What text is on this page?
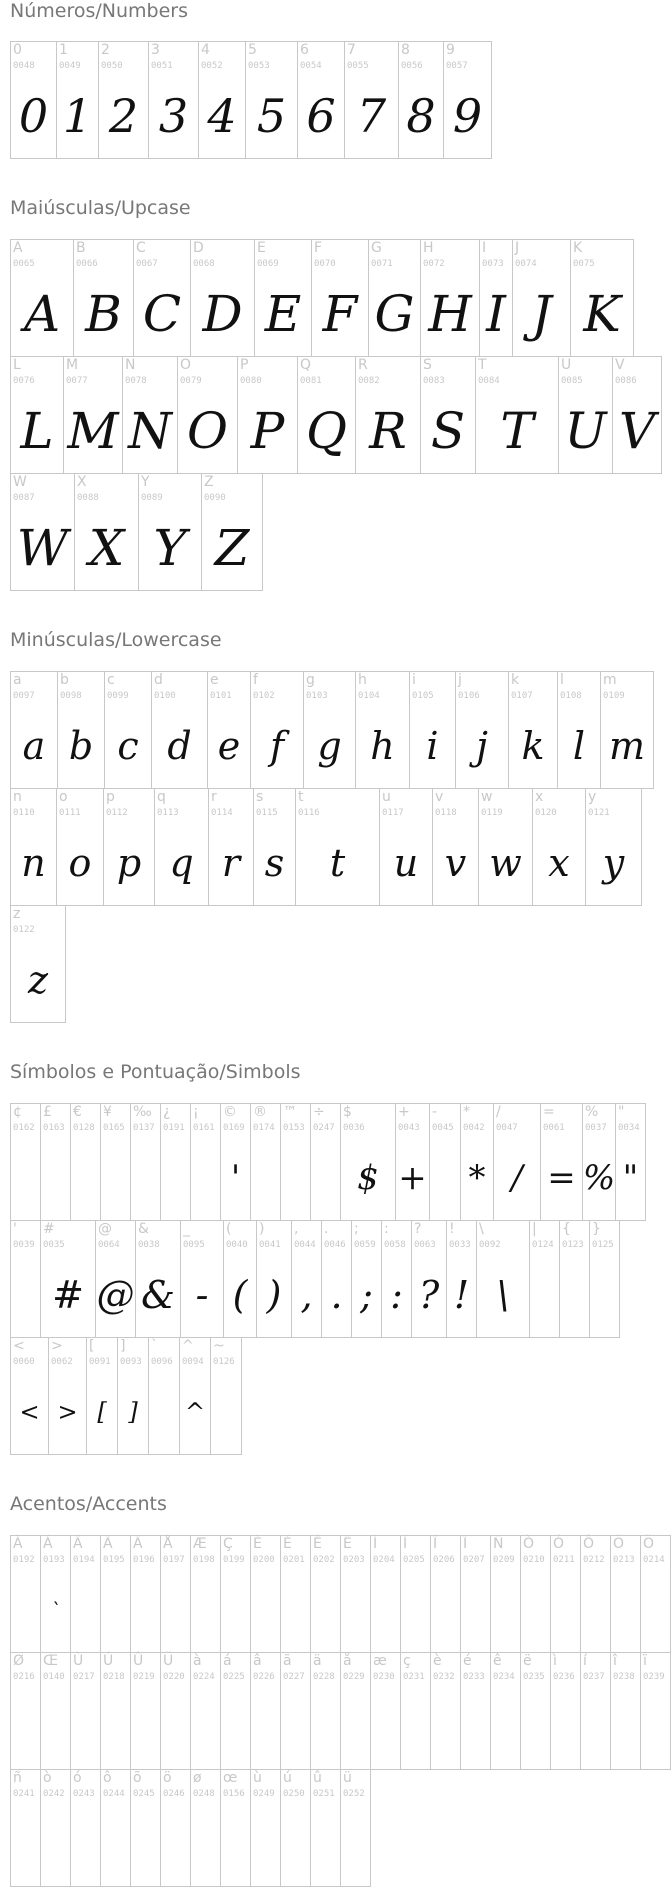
Números/Numbers
0
0048
0
1
0049
1
2
0050
2
3
0051
3
4
0052
4
5
0053
5
6
0054
6
7
0055
7
8
0056
8
9
0057
9
Maiúsculas/Upcase
A
0065
A
B
0066
B
C
0067
C
D
0068
D
E
0069
E
F
0070
F
G
0071
G
H
0072
H
I
0073
I
J
0074
J
K
0075
K
L
0076
L
M
0077
M
N
0078
N
O
0079
O
P
0080
P
Q
0081
Q
R
0082
R
S
0083
S
T
0084
T
U
0085
U
V
0086
V
W
0087
W
X
0088
X
Y
0089
Y
Z
0090
Z
Minúsculas/Lowercase
a
0097
a
b
0098
b
c
0099
c
d
0100
d
e
0101
e
f
0102
f
g
0103
g
h
0104
h
i
0105
i
j
0106
j
k
0107
k
l
0108
l
m
0109
m
n
0110
n
o
0111
o
p
0112
p
q
0113
q
r
0114
r
s
0115
s
t
0116
t
u
0117
u
v
0118
v
w
0119
w
x
0120
x
y
0121
y
z
0122
z
Símbolos e Pontuação/Simbols
¢
0162
£
0163
€
0128
¥
0165
‰
0137
¿
0191
¡
0161
©
0169
'
®
0174
™
0153
÷
0247
$
0036
$
+
0043
+
-
0045
*
0042
*
/
0047
/
=
0061
=
%
0037
%
"
0034
"
'
0039
#
0035
#
@
0064
@
&
0038
&
_
0095
-
(
0040
(
)
0041
)
,
0044
,
.
0046
.
;
0059
;
:
0058
:
?
0063
?
!
0033
!
\
0092
\
|
0124
{
0123
}
0125
<
0060
<
>
0062
>
[
0091
[
]
0093
]
`
0096
^
0094
^
~
0126
Acentos/Accents
À
0192
Á
0193
`
Â
0194
Ã
0195
Ä
0196
Å
0197
Æ
0198
Ç
0199
È
0200
É
0201
Ê
0202
Ë
0203
Ì
0204
Í
0205
Î
0206
Ï
0207
Ñ
0209
Ò
0210
Ó
0211
Ô
0212
Õ
0213
Ö
0214
Ø
0216
Œ
0140
Ù
0217
Ú
0218
Û
0219
Ü
0220
à
0224
á
0225
â
0226
ã
0227
ä
0228
å
0229
æ
0230
ç
0231
è
0232
é
0233
ê
0234
ë
0235
ì
0236
í
0237
î
0238
ï
0239
ñ
0241
ò
0242
ó
0243
ô
0244
õ
0245
ö
0246
ø
0248
œ
0156
ù
0249
ú
0250
û
0251
ü
0252
